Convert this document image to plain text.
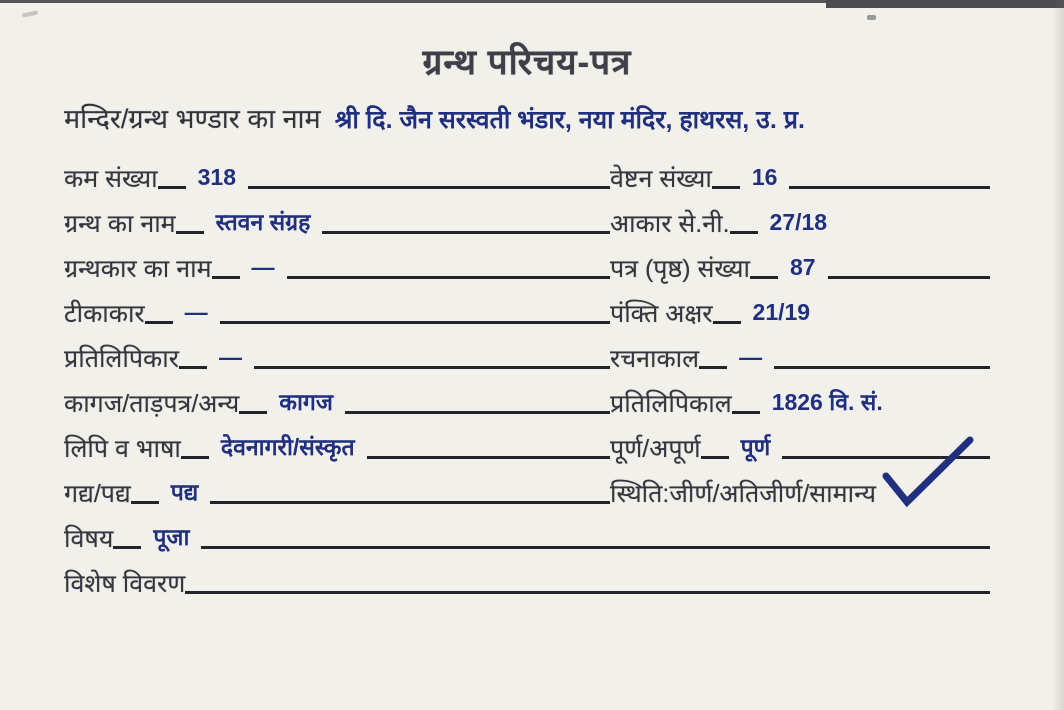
ग्रन्थ परिचय-पत्र
मन्दिर/ग्रन्थ भण्डार का नाम श्री दि. जैन सरस्वती भंडार, नया मंदिर, हाथरस, उ. प्र.
कम संख्या	318	वेष्टन संख्या	16
ग्रन्थ का नाम	स्तवन संग्रह	आकार से.नी.	27/18
ग्रन्थकार का नाम	—	पत्र (पृष्ठ) संख्या	87
टीकाकार	—	पंक्ति अक्षर	21/19
प्रतिलिपिकार	—	रचनाकाल	—
कागज/ताड़पत्र/अन्य	कागज	प्रतिलिपिकाल	1826 वि. सं.
लिपि व भाषा	देवनागरी/संस्कृत	पूर्ण/अपूर्ण	पूर्ण
गद्य/पद्य	पद्य	स्थिति:जीर्ण/अतिजीर्ण/सामान्य
विषय	पूजा
विशेष विवरण
